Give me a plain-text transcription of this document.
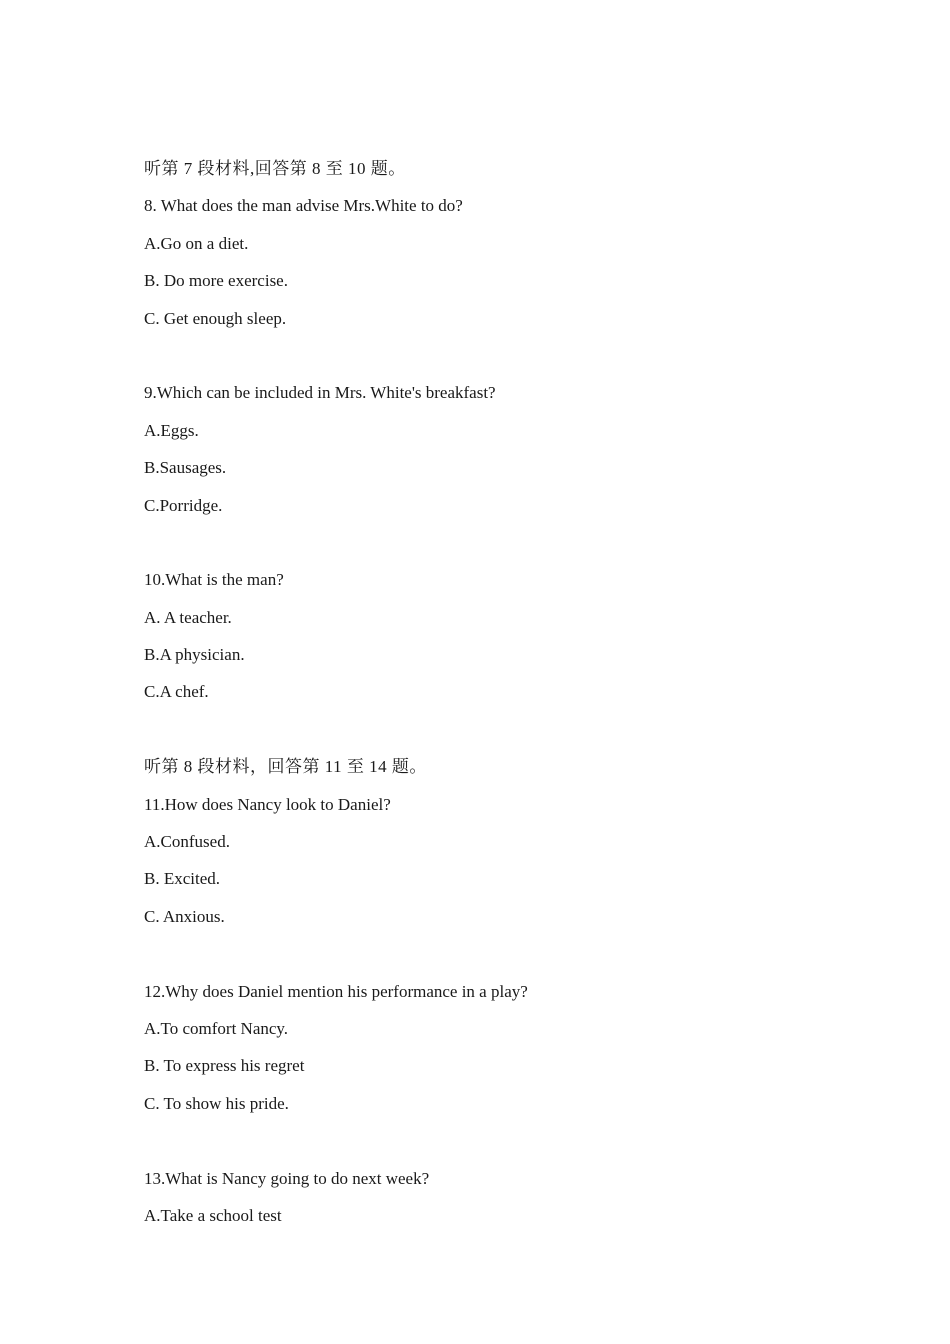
听第 7 段材料,回答第 8 至 10 题。
8. What does the man advise Mrs.White to do?
A.Go on a diet.
B. Do more exercise.
C. Get enough sleep.
9.Which can be included in Mrs. White's breakfast?
A.Eggs.
B.Sausages.
C.Porridge.
10.What is the man?
A. A teacher.
B.A physician.
C.A chef.
听第 8 段材料，回答第 11 至 14 题。
11.How does Nancy look to Daniel?
A.Confused.
B. Excited.
C. Anxious.
12.Why does Daniel mention his performance in a play?
A.To comfort Nancy.
B. To express his regret
C. To show his pride.
13.What is Nancy going to do next week?
A.Take a school test
